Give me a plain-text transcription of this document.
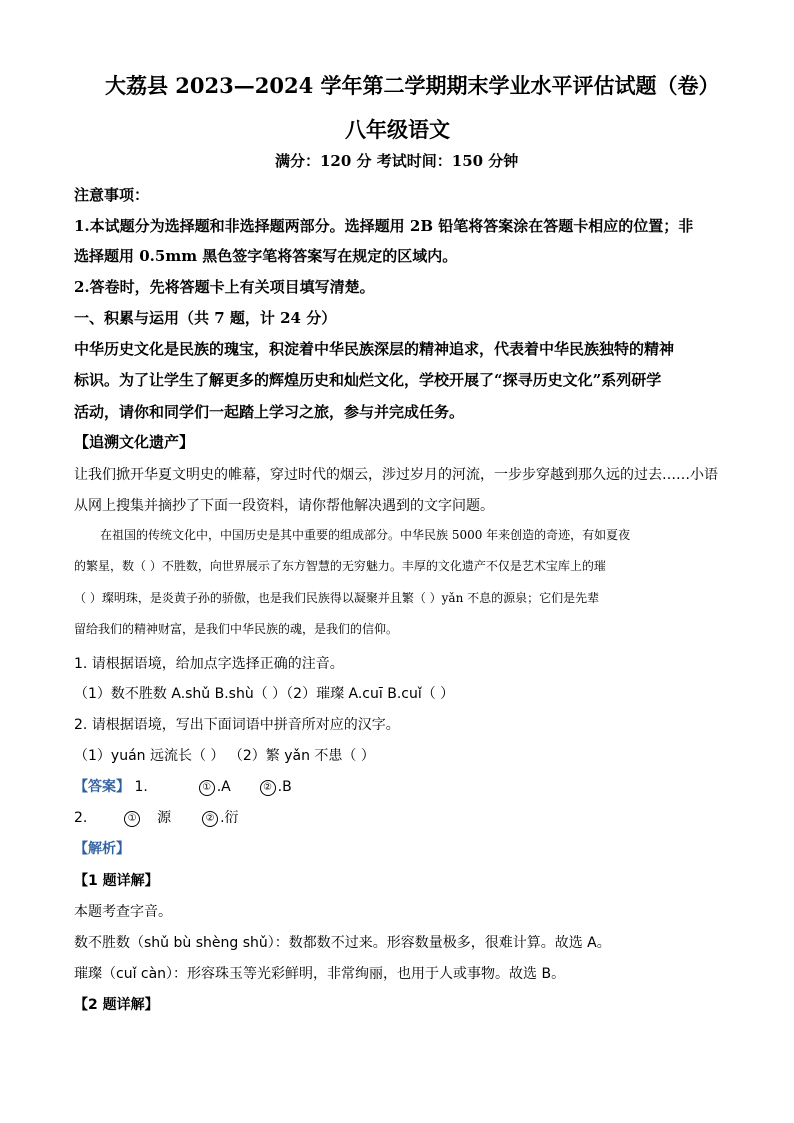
大荔县 2023—2024 学年第二学期期末学业水平评估试题（卷）
八年级语文
满分：120 分 考试时间：150 分钟
注意事项：
1.本试题分为选择题和非选择题两部分。选择题用 2B 铅笔将答案涂在答题卡相应的位置；非
选择题用 0.5mm 黑色签字笔将答案写在规定的区域内。
2.答卷时，先将答题卡上有关项目填写清楚。
一、积累与运用（共 7 题，计 24 分）
中华历史文化是民族的瑰宝，积淀着中华民族深层的精神追求，代表着中华民族独特的精神
标识。为了让学生了解更多的辉煌历史和灿烂文化，学校开展了“探寻历史文化”系列研学
活动，请你和同学们一起踏上学习之旅，参与并完成任务。
【追溯文化遗产】
让我们掀开华夏文明史的帷幕，穿过时代的烟云，涉过岁月的河流，一步步穿越到那久远的过去……小语
从网上搜集并摘抄了下面一段资料，请你帮他解决遇到的文字问题。
在祖国的传统文化中，中国历史是其中重要的组成部分。中华民族 5000 年来创造的奇迹，有如夏夜
的繁星，数（ ）不胜数，向世界展示了东方智慧的无穷魅力。丰厚的文化遗产不仅是艺术宝库上的璀
（ ）璨明珠，是炎黄子孙的骄傲，也是我们民族得以凝聚并且繁（ ）yǎn 不息的源泉；它们是先辈
留给我们的精神财富，是我们中华民族的魂，是我们的信仰。
1. 请根据语境，给加点字选择正确的注音。
（1）数不胜数 A.shǔ B.shù（ ）（2）璀璨 A.cuī B.cuǐ（ ）
2. 请根据语境，写出下面词语中拼音所对应的汉字。
（1）yuán 远流长（ ） （2）繁 yǎn 不患（ ）
【答案】 1.	① .A	② .B
2.	① 源	② .衍
【解析】
【1 题详解】
本题考查字音。
数不胜数（shǔ bù shèng shǔ）：数都数不过来。形容数量极多，很难计算。故选 A。
璀璨（cuǐ càn）：形容珠玉等光彩鲜明，非常绚丽，也用于人或事物。故选 B。
【2 题详解】
